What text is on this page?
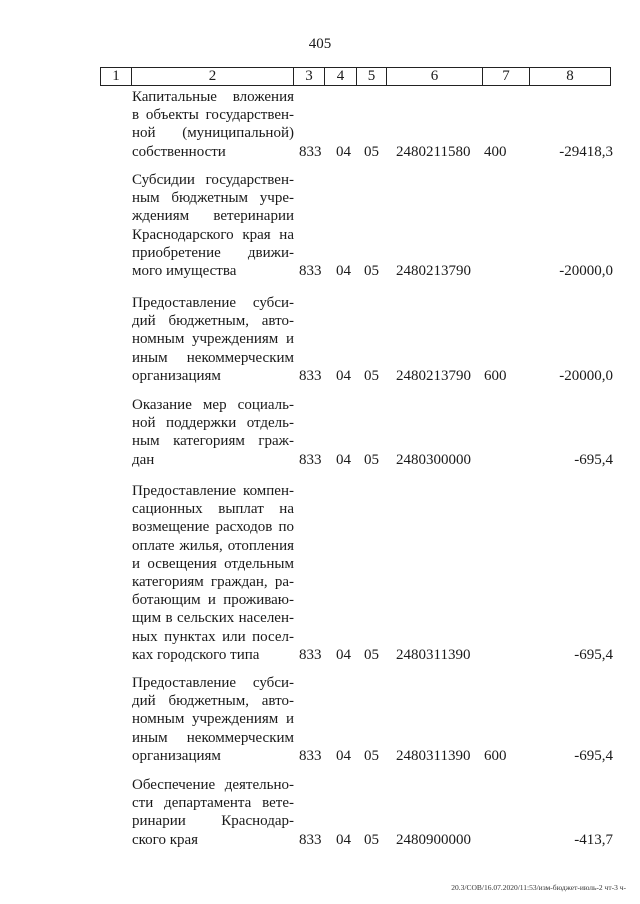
405
1	2	3	4	5	6	7	8
Капитальные вложения
в объекты государствен-
ной (муниципальной)
собственности	833 04 05 2480211580 400	-29418,3
Субсидии государствен-
ным бюджетным учре-
ждениям ветеринарии
Краснодарского края на
приобретение движи-
мого имущества	833 04 05 2480213790	-20000,0
Предоставление субси-
дий бюджетным, авто-
номным учреждениям и
иным некоммерческим
организациям	833 04 05 2480213790 600	-20000,0
Оказание мер социаль-
ной поддержки отдель-
ным категориям граж-
дан	833 04 05 2480300000	-695,4
Предоставление компен-
сационных выплат на
возмещение расходов по
оплате жилья, отопления
и освещения отдельным
категориям граждан, ра-
ботающим и проживаю-
щим в сельских населен-
ных пунктах или посел-
ках городского типа	833 04 05 2480311390	-695,4
Предоставление субси-
дий бюджетным, авто-
номным учреждениям и
иным некоммерческим
организациям	833 04 05 2480311390 600	-695,4
Обеспечение деятельно-
сти департамента вете-
ринарии Краснодар-
ского края	833 04 05 2480900000	-413,7
20.3/СОВ/16.07.2020/11:53/изм-бюджет-июль-2 чт-3 ч-
